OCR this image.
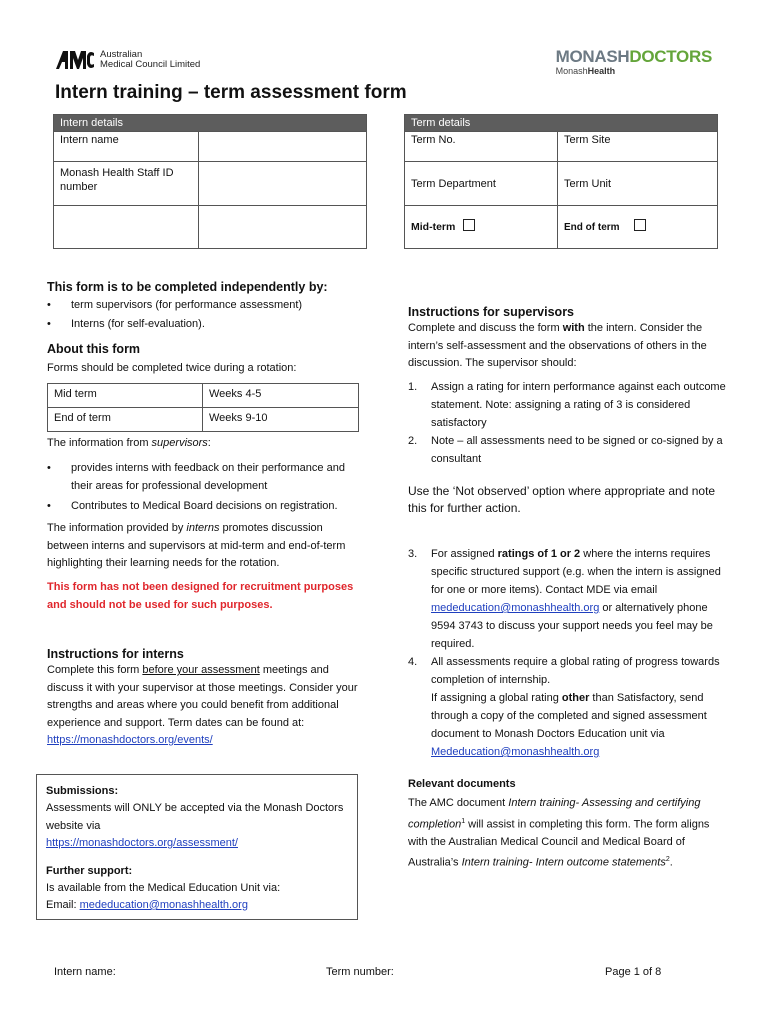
Australian
Medical Council Limited	MONASHDOCTORS
MonashHealth
Intern training – term assessment form
Intern details	
Intern name	
Monash Health Staff ID number	

Term details	
Term No.	Term Site
Term Department	Term Unit
Mid-term	End of term
This form is to be completed independently by:
• term supervisors (for performance assessment)
• Interns (for self-evaluation).
About this form
Forms should be completed twice during a rotation:
Mid term	Weeks 4-5
End of term	Weeks 9-10
The information from supervisors:
• provides interns with feedback on their performance and their areas for professional development
• Contributes to Medical Board decisions on registration.
The information provided by interns promotes discussion between interns and supervisors at mid-term and end-of-term highlighting their learning needs for the rotation.
This form has not been designed for recruitment purposes and should not be used for such purposes.
Instructions for interns
Complete this form before your assessment meetings and discuss it with your supervisor at those meetings. Consider your strengths and areas where you could benefit from additional experience and support. Term dates can be found at: https://monashdoctors.org/events/
Submissions:
Assessments will ONLY be accepted via the Monash Doctors website via
https://monashdoctors.org/assessment/
Further support:
Is available from the Medical Education Unit via:
Email: mededucation@monashhealth.org
Instructions for supervisors
Complete and discuss the form with the intern. Consider the intern’s self-assessment and the observations of others in the discussion. The supervisor should:
1. Assign a rating for intern performance against each outcome statement. Note: assigning a rating of 3 is considered satisfactory
2. Note – all assessments need to be signed or co-signed by a consultant
Use the ‘Not observed’ option where appropriate and note this for further action.
3. For assigned ratings of 1 or 2 where the interns requires specific structured support (e.g. when the intern is assigned for one or more items). Contact MDE via email mededucation@monashhealth.org or alternatively phone 9594 3743 to discuss your support needs you feel may be required.
4. All assessments require a global rating of progress towards completion of internship.
If assigning a global rating other than Satisfactory, send through a copy of the completed and signed assessment document to Monash Doctors Education unit via Mededucation@monashhealth.org
Relevant documents
The AMC document Intern training- Assessing and certifying completion$^1$ will assist in completing this form. The form aligns with the Australian Medical Council and Medical Board of Australia’s Intern training- Intern outcome statements$^2$.
Intern name:	Term number:	Page 1 of 8
